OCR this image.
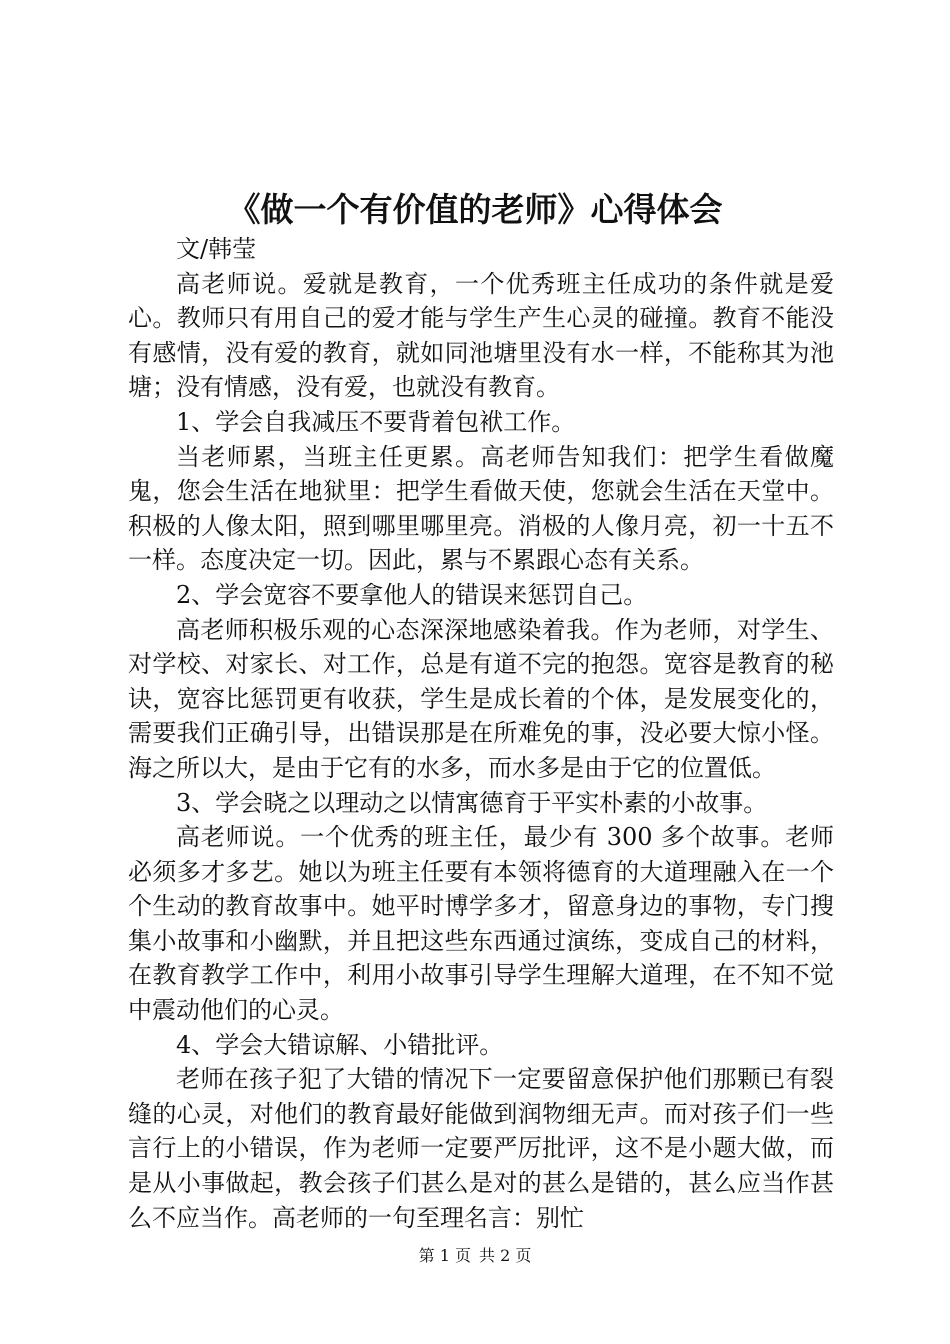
《做一个有价值的老师》心得体会

文/韩莹

高老师说。爱就是教育，一个优秀班主任成功的条件就是爱心。教师只有用自己的爱才能与学生产生心灵的碰撞。教育不能没有感情，没有爱的教育，就如同池塘里没有水一样，不能称其为池塘；没有情感，没有爱，也就没有教育。

1、学会自我减压不要背着包袱工作。

当老师累，当班主任更累。高老师告知我们：把学生看做魔鬼，您会生活在地狱里：把学生看做天使，您就会生活在天堂中。积极的人像太阳，照到哪里哪里亮。消极的人像月亮，初一十五不一样。态度决定一切。因此，累与不累跟心态有关系。

2、学会宽容不要拿他人的错误来惩罚自己。

高老师积极乐观的心态深深地感染着我。作为老师，对学生、对学校、对家长、对工作，总是有道不完的抱怨。宽容是教育的秘诀，宽容比惩罚更有收获，学生是成长着的个体，是发展变化的，需要我们正确引导，出错误那是在所难免的事，没必要大惊小怪。海之所以大，是由于它有的水多，而水多是由于它的位置低。

3、学会晓之以理动之以情寓德育于平实朴素的小故事。

高老师说。一个优秀的班主任，最少有 300 多个故事。老师必须多才多艺。她以为班主任要有本领将德育的大道理融入在一个个生动的教育故事中。她平时博学多才，留意身边的事物，专门搜集小故事和小幽默，并且把这些东西通过演练，变成自己的材料，在教育教学工作中，利用小故事引导学生理解大道理，在不知不觉中震动他们的心灵。

4、学会大错谅解、小错批评。

老师在孩子犯了大错的情况下一定要留意保护他们那颗已有裂缝的心灵，对他们的教育最好能做到润物细无声。而对孩子们一些言行上的小错误，作为老师一定要严厉批评，这不是小题大做，而是从小事做起，教会孩子们甚么是对的甚么是错的，甚么应当作甚么不应当作。高老师的一句至理名言：别忙

第 1 页 共 2 页
